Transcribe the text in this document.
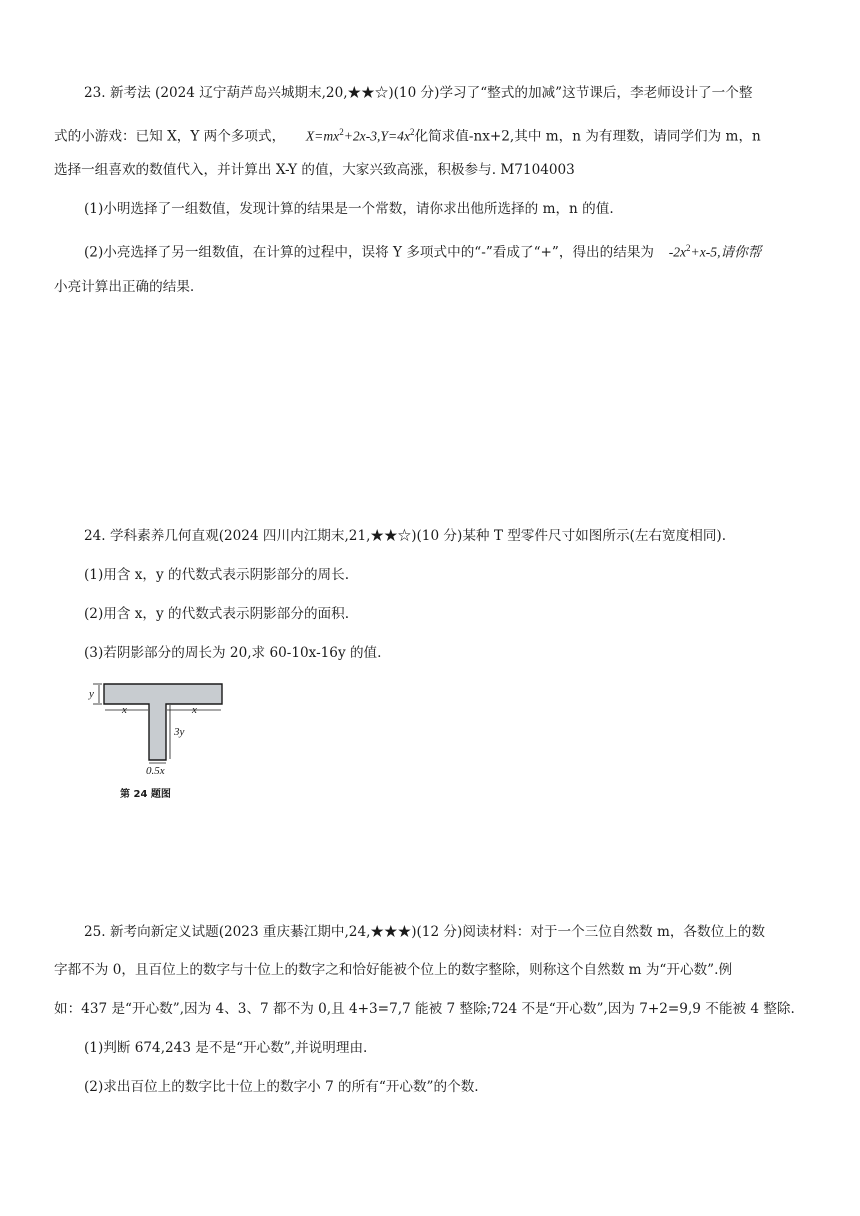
23. 新考法 (2024 辽宁葫芦岛兴城期末,20,★★☆)(10 分)学习了“整式的加减”这节课后，李老师设计了一个整
式的小游戏：已知 X，Y 两个多项式， $X=mx^2+2x-3,Y=4x^2$化简求值-nx+2,其中 m，n 为有理数，请同学们为 m，n
选择一组喜欢的数值代入，并计算出 X-Y 的值，大家兴致高涨，积极参与. M7104003
(1)小明选择了一组数值，发现计算的结果是一个常数，请你求出他所选择的 m，n 的值.
(2)小亮选择了另一组数值，在计算的过程中，误将 Y 多项式中的“-”看成了“+”，得出的结果为 $-2x^2+x-5$,请你帮
小亮计算出正确的结果.
24. 学科素养几何直观(2024 四川内江期末,21,★★☆)(10 分)某种 T 型零件尺寸如图所示(左右宽度相同).
(1)用含 x，y 的代数式表示阴影部分的周长.
(2)用含 x，y 的代数式表示阴影部分的面积.
(3)若阴影部分的周长为 20,求 60-10x-16y 的值.
y
x	x
3y
0.5x
第 24 题图
25. 新考向新定义试题(2023 重庆綦江期中,24,★★★)(12 分)阅读材料：对于一个三位自然数 m，各数位上的数
字都不为 0，且百位上的数字与十位上的数字之和恰好能被个位上的数字整除，则称这个自然数 m 为“开心数”.例
如：437 是“开心数”,因为 4、3、7 都不为 0,且 4+3=7,7 能被 7 整除;724 不是“开心数”,因为 7+2=9,9 不能被 4 整除.
(1)判断 674,243 是不是“开心数”,并说明理由.
(2)求出百位上的数字比十位上的数字小 7 的所有“开心数”的个数.
